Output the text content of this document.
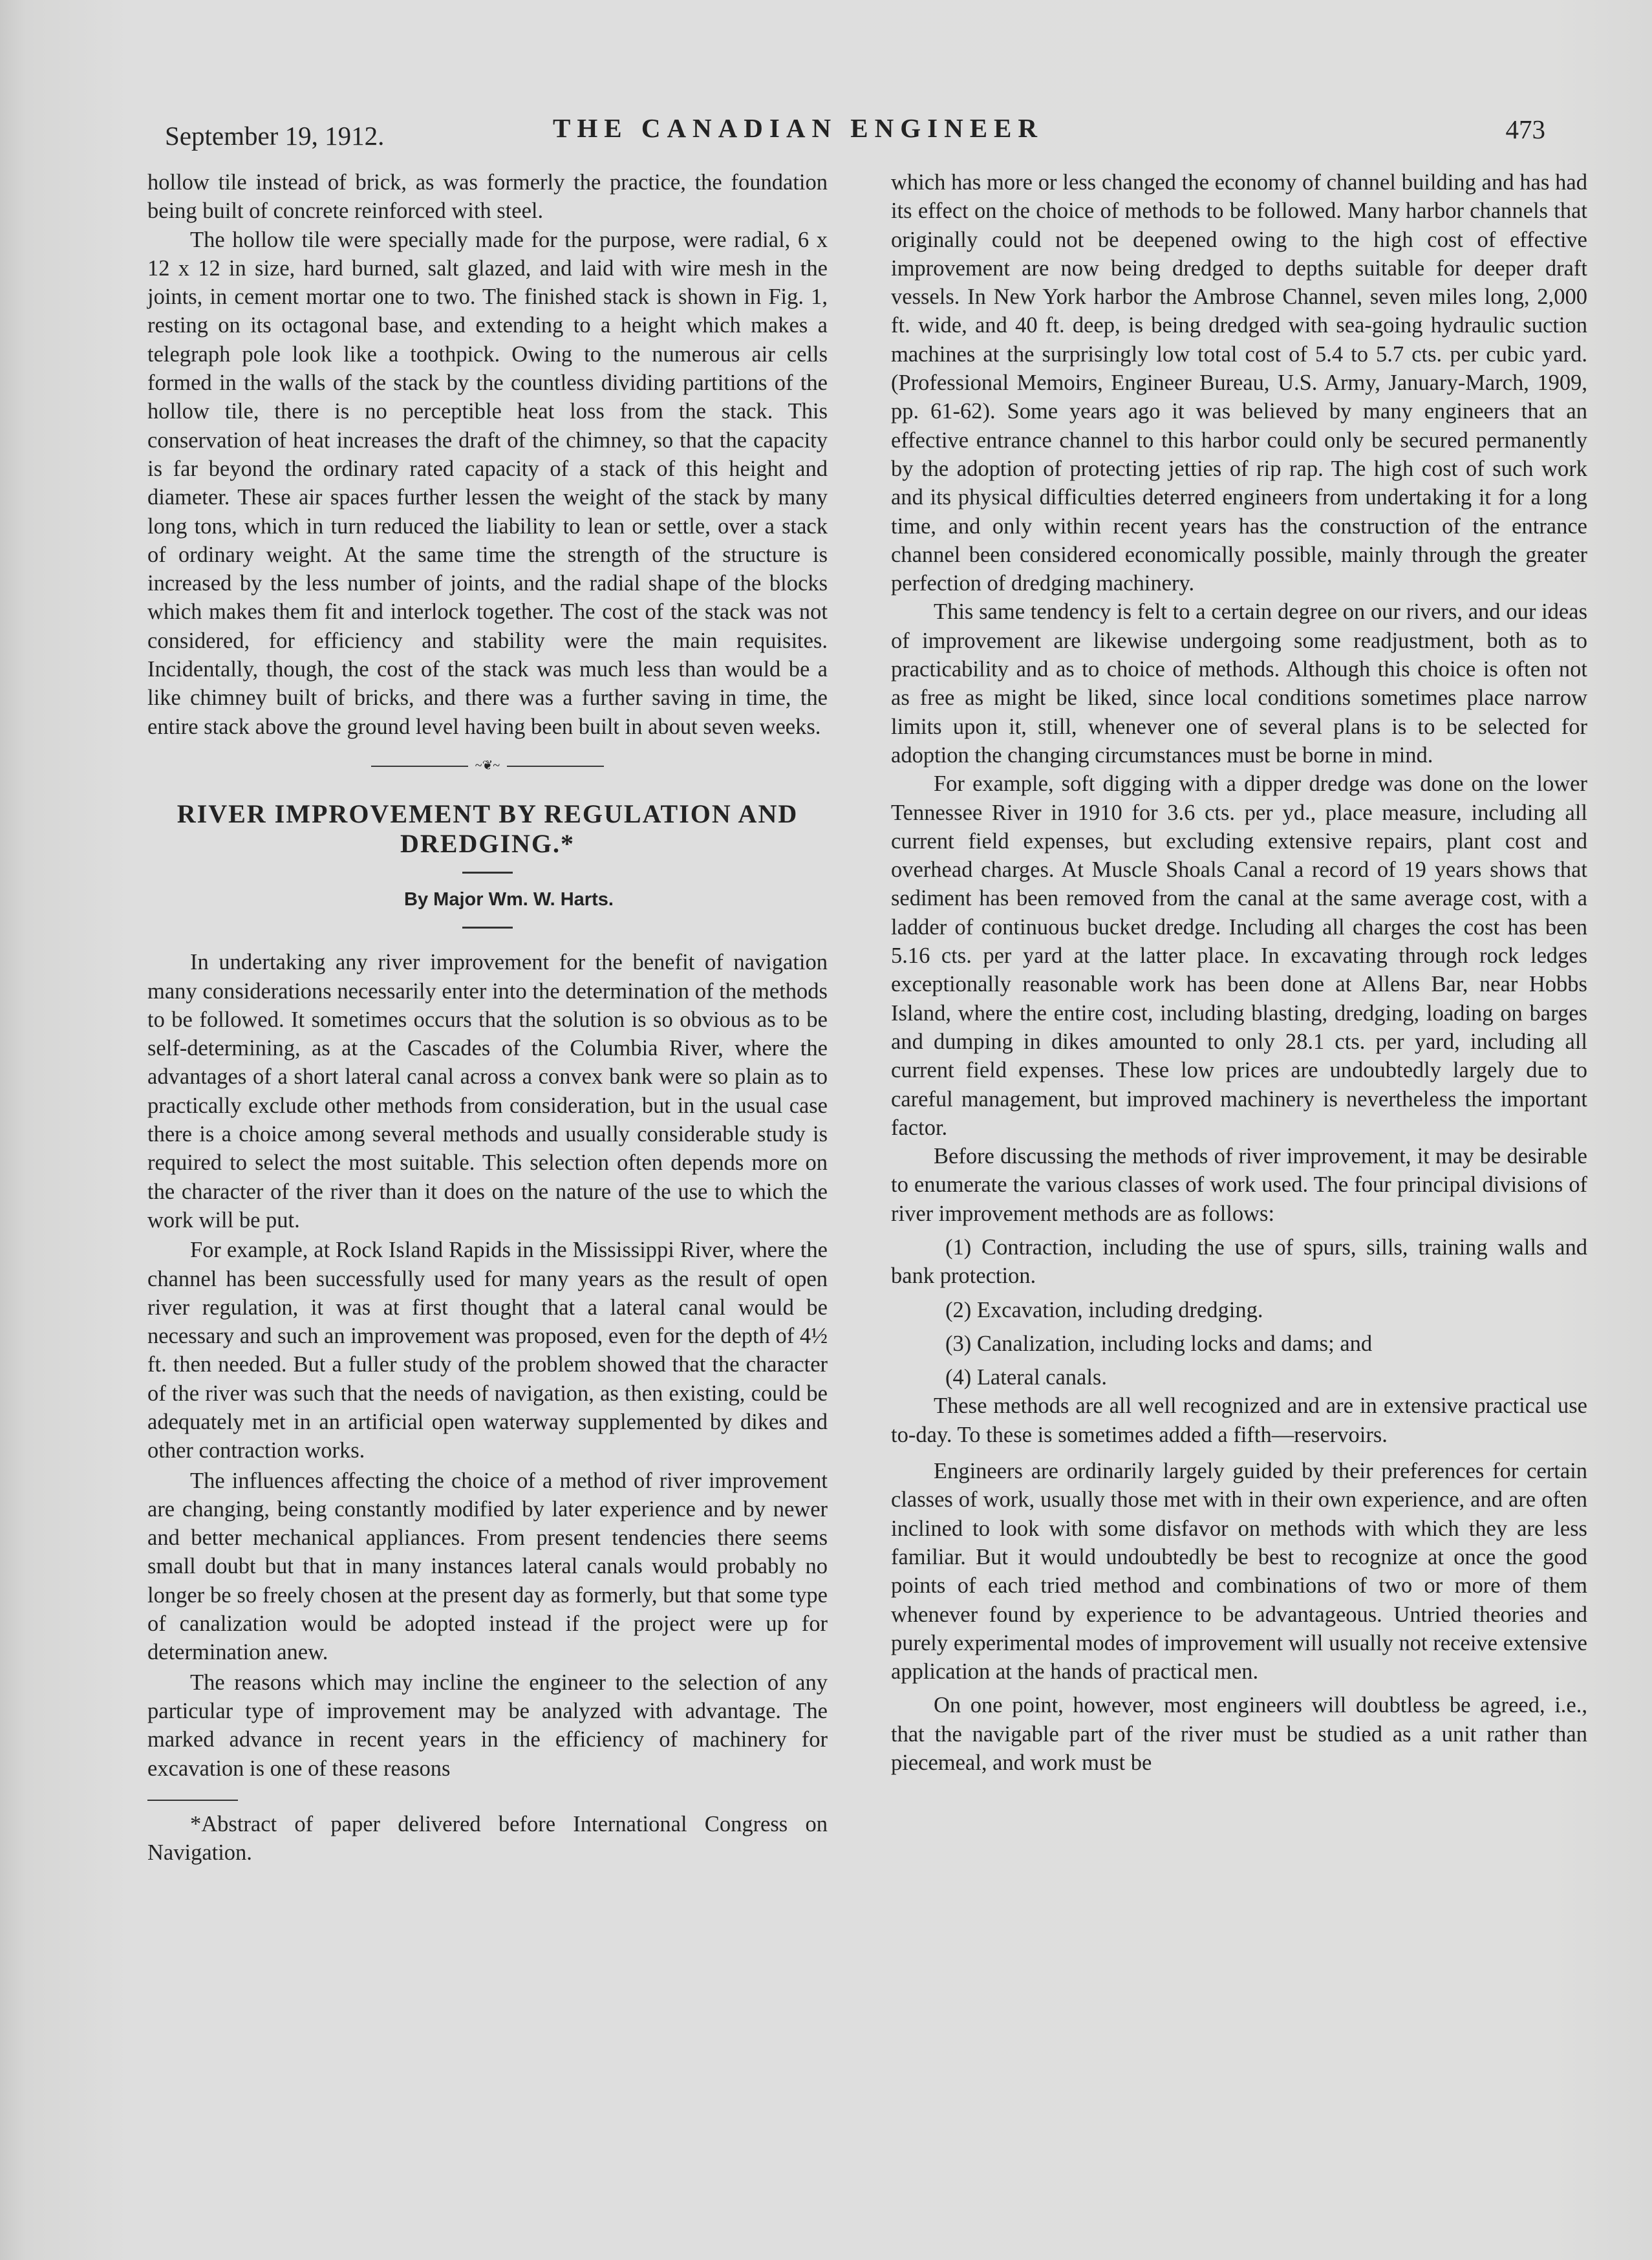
September 19, 1912.	THE CANADIAN ENGINEER	473

hollow tile instead of brick, as was formerly the practice, the foundation being built of concrete reinforced with steel.

The hollow tile were specially made for the purpose, were radial, 6 x 12 x 12 in size, hard burned, salt glazed, and laid with wire mesh in the joints, in cement mortar one to two. The finished stack is shown in Fig. 1, resting on its octagonal base, and extending to a height which makes a telegraph pole look like a toothpick. Owing to the numerous air cells formed in the walls of the stack by the countless dividing partitions of the hollow tile, there is no perceptible heat loss from the stack. This conservation of heat increases the draft of the chimney, so that the capacity is far beyond the ordinary rated capacity of a stack of this height and diameter. These air spaces further lessen the weight of the stack by many long tons, which in turn reduced the liability to lean or settle, over a stack of ordinary weight. At the same time the strength of the structure is increased by the less number of joints, and the radial shape of the blocks which makes them fit and interlock together. The cost of the stack was not considered, for efficiency and stability were the main requisites. Incidentally, though, the cost of the stack was much less than would be a like chimney built of bricks, and there was a further saving in time, the entire stack above the ground level having been built in about seven weeks.

~❦~
RIVER IMPROVEMENT BY REGULATION AND DREDGING.*

By Major Wm. W. Harts.

In undertaking any river improvement for the benefit of navigation many considerations necessarily enter into the determination of the methods to be followed. It sometimes occurs that the solution is so obvious as to be self-determining, as at the Cascades of the Columbia River, where the advantages of a short lateral canal across a convex bank were so plain as to practically exclude other methods from consideration, but in the usual case there is a choice among several methods and usually considerable study is required to select the most suitable. This selection often depends more on the character of the river than it does on the nature of the use to which the work will be put.

For example, at Rock Island Rapids in the Mississippi River, where the channel has been successfully used for many years as the result of open river regulation, it was at first thought that a lateral canal would be necessary and such an improvement was proposed, even for the depth of 4½ ft. then needed. But a fuller study of the problem showed that the character of the river was such that the needs of navigation, as then existing, could be adequately met in an artificial open waterway supplemented by dikes and other contraction works.

The influences affecting the choice of a method of river improvement are changing, being constantly modified by later experience and by newer and better mechanical appliances. From present tendencies there seems small doubt but that in many instances lateral canals would probably no longer be so freely chosen at the present day as formerly, but that some type of canalization would be adopted instead if the project were up for determination anew.

The reasons which may incline the engineer to the selection of any particular type of improvement may be analyzed with advantage. The marked advance in recent years in the efficiency of machinery for excavation is one of these reasons

*Abstract of paper delivered before International Congress on Navigation.

which has more or less changed the economy of channel building and has had its effect on the choice of methods to be followed. Many harbor channels that originally could not be deepened owing to the high cost of effective improvement are now being dredged to depths suitable for deeper draft vessels. In New York harbor the Ambrose Channel, seven miles long, 2,000 ft. wide, and 40 ft. deep, is being dredged with sea-going hydraulic suction machines at the surprisingly low total cost of 5.4 to 5.7 cts. per cubic yard. (Professional Memoirs, Engineer Bureau, U.S. Army, January-March, 1909, pp. 61-62). Some years ago it was believed by many engineers that an effective entrance channel to this harbor could only be secured permanently by the adoption of protecting jetties of rip rap. The high cost of such work and its physical difficulties deterred engineers from undertaking it for a long time, and only within recent years has the construction of the entrance channel been considered economically possible, mainly through the greater perfection of dredging machinery.

This same tendency is felt to a certain degree on our rivers, and our ideas of improvement are likewise undergoing some readjustment, both as to practicability and as to choice of methods. Although this choice is often not as free as might be liked, since local conditions sometimes place narrow limits upon it, still, whenever one of several plans is to be selected for adoption the changing circumstances must be borne in mind.

For example, soft digging with a dipper dredge was done on the lower Tennessee River in 1910 for 3.6 cts. per yd., place measure, including all current field expenses, but excluding extensive repairs, plant cost and overhead charges. At Muscle Shoals Canal a record of 19 years shows that sediment has been removed from the canal at the same average cost, with a ladder of continuous bucket dredge. Including all charges the cost has been 5.16 cts. per yard at the latter place. In excavating through rock ledges exceptionally reasonable work has been done at Allens Bar, near Hobbs Island, where the entire cost, including blasting, dredging, loading on barges and dumping in dikes amounted to only 28.1 cts. per yard, including all current field expenses. These low prices are undoubtedly largely due to careful management, but improved machinery is nevertheless the important factor.

Before discussing the methods of river improvement, it may be desirable to enumerate the various classes of work used. The four principal divisions of river improvement methods are as follows:

(1) Contraction, including the use of spurs, sills, training walls and bank protection.

(2) Excavation, including dredging.

(3) Canalization, including locks and dams; and

(4) Lateral canals.

These methods are all well recognized and are in extensive practical use to-day. To these is sometimes added a fifth—reservoirs.

Engineers are ordinarily largely guided by their preferences for certain classes of work, usually those met with in their own experience, and are often inclined to look with some disfavor on methods with which they are less familiar. But it would undoubtedly be best to recognize at once the good points of each tried method and combinations of two or more of them whenever found by experience to be advantageous. Untried theories and purely experimental modes of improvement will usually not receive extensive application at the hands of practical men.

On one point, however, most engineers will doubtless be agreed, i.e., that the navigable part of the river must be studied as a unit rather than piecemeal, and work must be
